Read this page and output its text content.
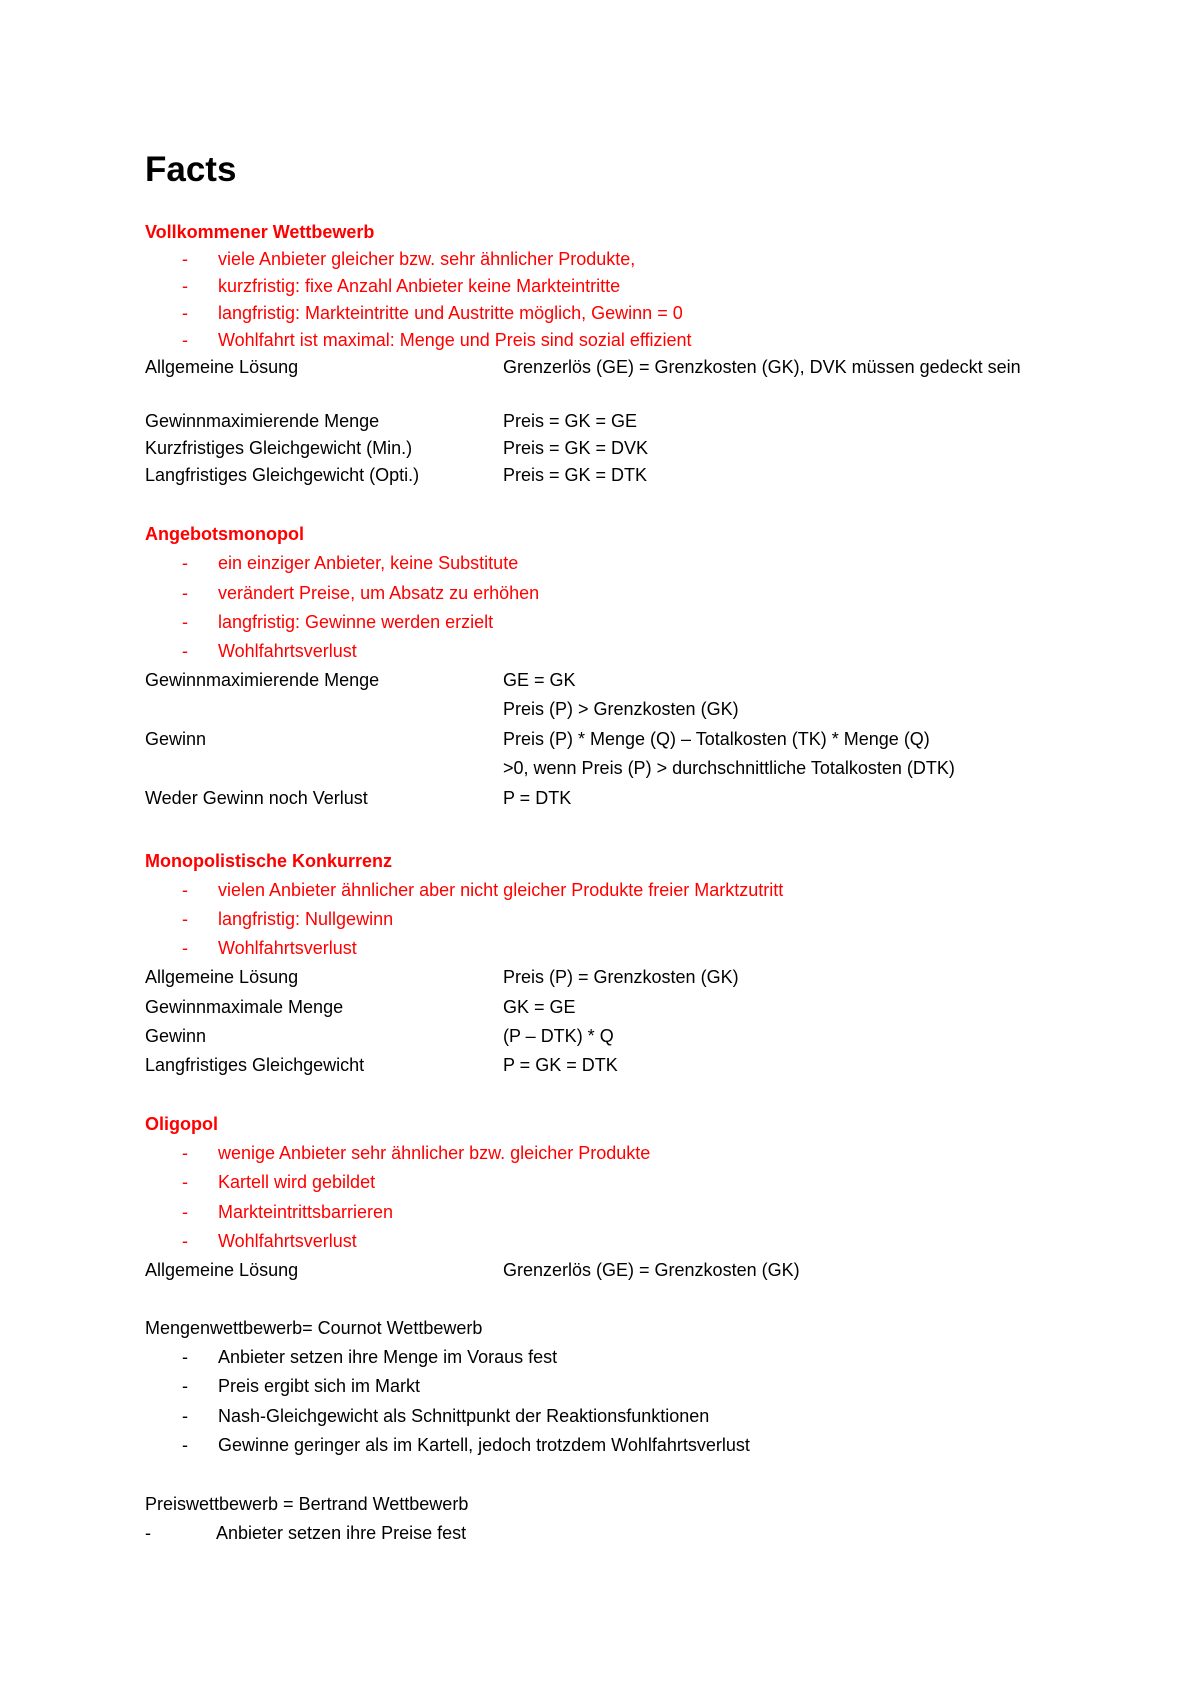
Facts
Vollkommener Wettbewerb
- viele Anbieter gleicher bzw. sehr ähnlicher Produkte,
- kurzfristig: fixe Anzahl Anbieter keine Markteintritte
- langfristig: Markteintritte und Austritte möglich, Gewinn = 0
- Wohlfahrt ist maximal: Menge und Preis sind sozial effizient
Allgemeine Lösung	Grenzerlös (GE) = Grenzkosten (GK), DVK müssen gedeckt sein
Gewinnmaximierende Menge	Preis = GK = GE
Kurzfristiges Gleichgewicht (Min.)	Preis = GK = DVK
Langfristiges Gleichgewicht (Opti.)	Preis = GK = DTK
Angebotsmonopol
- ein einziger Anbieter, keine Substitute
- verändert Preise, um Absatz zu erhöhen
- langfristig: Gewinne werden erzielt
- Wohlfahrtsverlust
Gewinnmaximierende Menge	GE = GK
Preis (P) > Grenzkosten (GK)
Gewinn	Preis (P) * Menge (Q) – Totalkosten (TK) * Menge (Q)
>0, wenn Preis (P) > durchschnittliche Totalkosten (DTK)
Weder Gewinn noch Verlust	P = DTK
Monopolistische Konkurrenz
- vielen Anbieter ähnlicher aber nicht gleicher Produkte freier Marktzutritt
- langfristig: Nullgewinn
- Wohlfahrtsverlust
Allgemeine Lösung	Preis (P) = Grenzkosten (GK)
Gewinnmaximale Menge	GK = GE
Gewinn	(P – DTK) * Q
Langfristiges Gleichgewicht	P = GK = DTK
Oligopol
- wenige Anbieter sehr ähnlicher bzw. gleicher Produkte
- Kartell wird gebildet
- Markteintrittsbarrieren
- Wohlfahrtsverlust
Allgemeine Lösung	Grenzerlös (GE) = Grenzkosten (GK)
Mengenwettbewerb= Cournot Wettbewerb
- Anbieter setzen ihre Menge im Voraus fest
- Preis ergibt sich im Markt
- Nash-Gleichgewicht als Schnittpunkt der Reaktionsfunktionen
- Gewinne geringer als im Kartell, jedoch trotzdem Wohlfahrtsverlust
Preiswettbewerb = Bertrand Wettbewerb
-	Anbieter setzen ihre Preise fest
